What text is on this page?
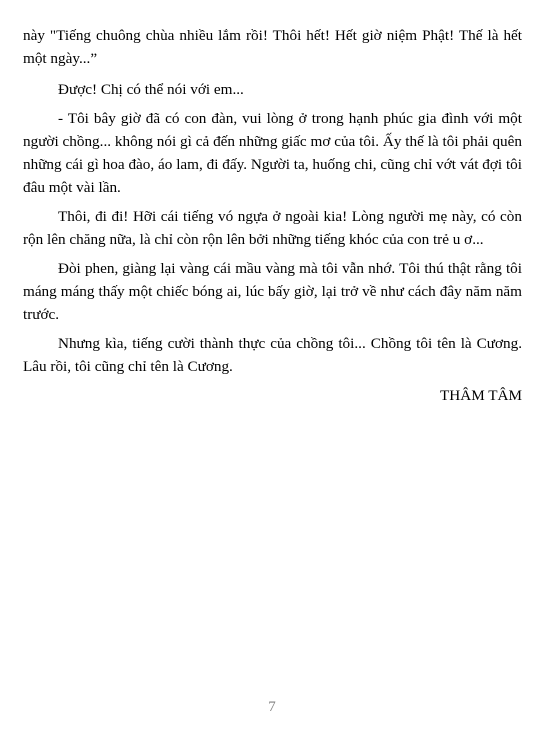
này "Tiếng chuông chùa nhiều lắm rồi! Thôi hết! Hết giờ niệm Phật! Thế là hết một ngày...”

Được! Chị có thể nói với em...

- Tôi bây giờ đã có con đàn, vui lòng ở trong hạnh phúc gia đình với một người chồng... không nói gì cả đến những giấc mơ của tôi. Ấy thế là tôi phải quên những cái gì hoa đào, áo lam, đi đấy. Người ta, huống chi, cũng chỉ vớt vát đợi tôi đâu một vài lần.

Thôi, đi đi! Hỡi cái tiếng vó ngựa ở ngoài kia! Lòng người mẹ này, có còn rộn lên chăng nữa, là chỉ còn rộn lên bởi những tiếng khóc của con trẻ u ơ...

Đòi phen, giàng lại vàng cái mầu vàng mà tôi vẫn nhớ. Tôi thú thật rằng tôi máng máng thấy một chiếc bóng ai, lúc bấy giờ, lại trở về như cách đây năm năm trước.

Nhưng kìa, tiếng cười thành thực của chồng tôi... Chồng tôi tên là Cương. Lâu rồi, tôi cũng chỉ tên là Cương.

THÂM TÂM

7
